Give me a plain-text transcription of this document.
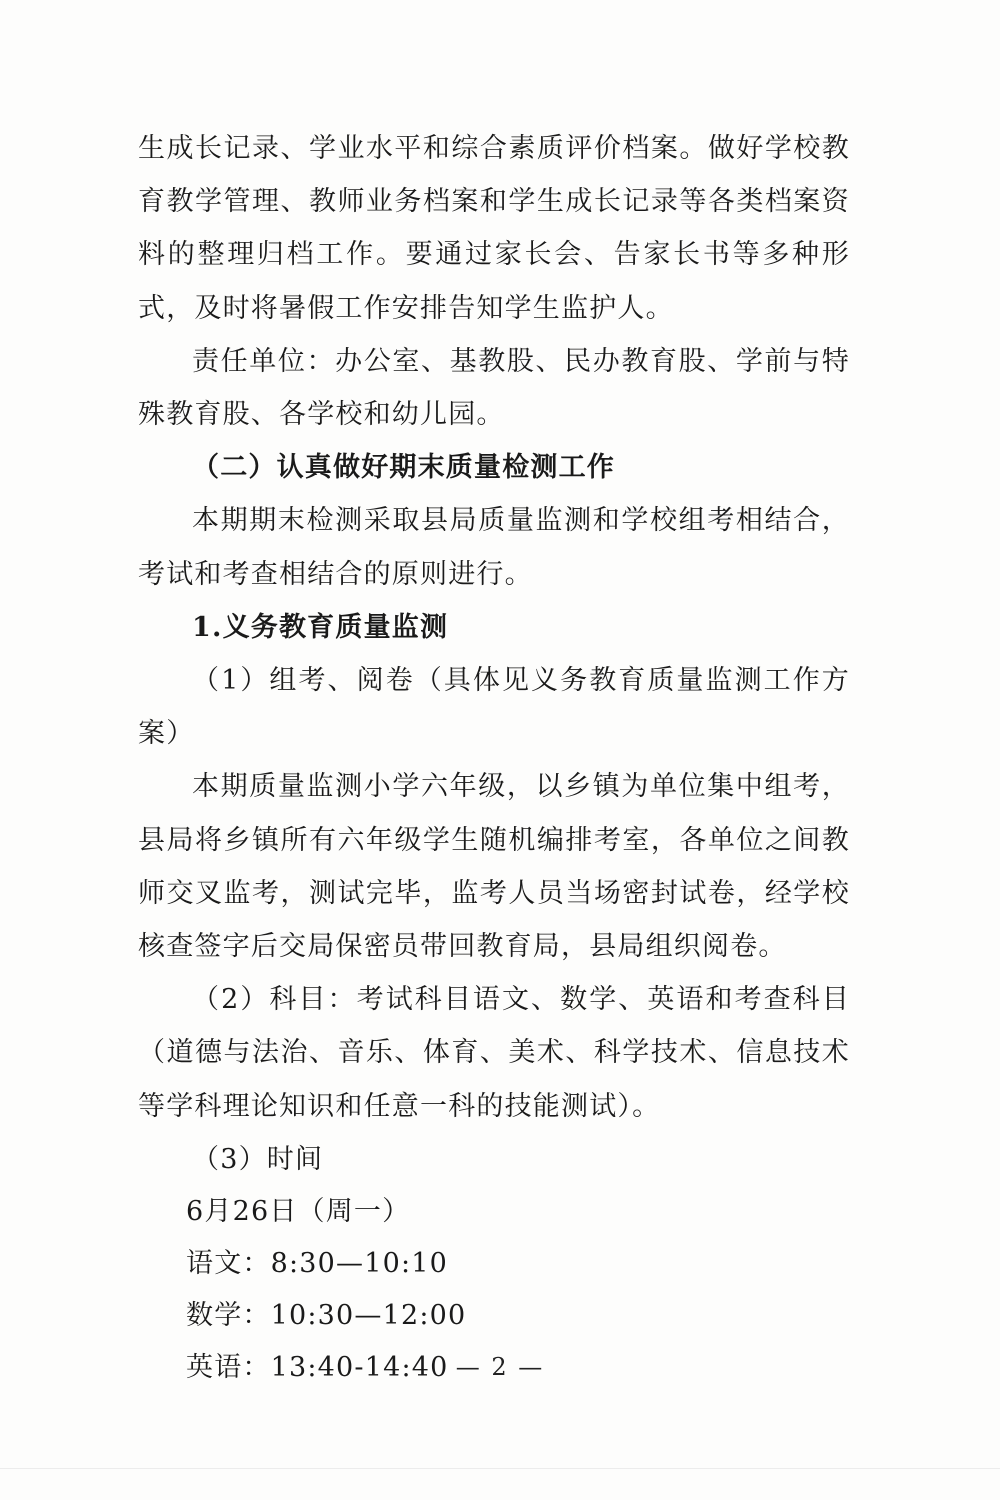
生成长记录、学业水平和综合素质评价档案。做好学校教育教学管理、教师业务档案和学生成长记录等各类档案资料的整理归档工作。要通过家长会、告家长书等多种形式，及时将暑假工作安排告知学生监护人。

责任单位：办公室、基教股、民办教育股、学前与特殊教育股、各学校和幼儿园。

（二）认真做好期末质量检测工作

本期期末检测采取县局质量监测和学校组考相结合，考试和考查相结合的原则进行。

1.义务教育质量监测

（1）组考、阅卷（具体见义务教育质量监测工作方案）

本期质量监测小学六年级，以乡镇为单位集中组考，县局将乡镇所有六年级学生随机编排考室，各单位之间教师交叉监考，测试完毕，监考人员当场密封试卷，经学校核查签字后交局保密员带回教育局，县局组织阅卷。

（2）科目：考试科目语文、数学、英语和考查科目（道德与法治、音乐、体育、美术、科学技术、信息技术等学科理论知识和任意一科的技能测试）。

（3）时间

6月26日（周一）
语文：8:30—10:10
数学：10:30—12:00
英语：13:40-14:40 — 2 —
